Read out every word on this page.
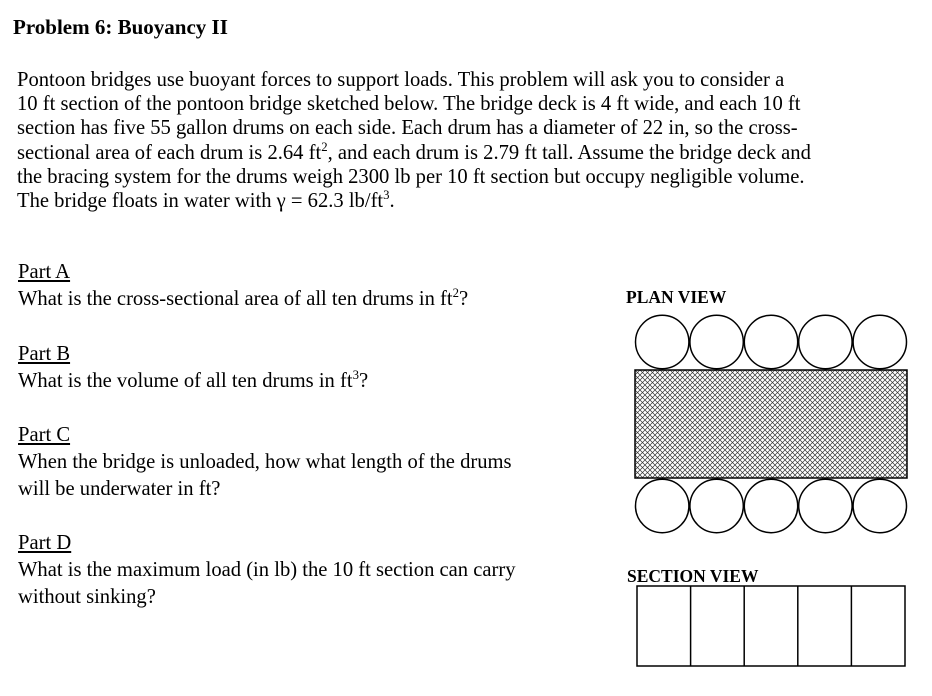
Problem 6: Buoyancy II
Pontoon bridges use buoyant forces to support loads. This problem will ask you to consider a
10 ft section of the pontoon bridge sketched below. The bridge deck is 4 ft wide, and each 10 ft
section has five 55 gallon drums on each side. Each drum has a diameter of 22 in, so the cross-
sectional area of each drum is 2.64 $ft^2$, and each drum is 2.79 ft tall. Assume the bridge deck and
the bracing system for the drums weigh 2300 lb per 10 ft section but occupy negligible volume.
The bridge floats in water with γ = 62.3 $lb/ft^3$.
Part A
What is the cross-sectional area of all ten drums in $ft^2$?
Part B
What is the volume of all ten drums in $ft^3$?
Part C
When the bridge is unloaded, how what length of the drums
will be underwater in ft?
Part D
What is the maximum load (in lb) the 10 ft section can carry
without sinking?
PLAN VIEW
SECTION VIEW
